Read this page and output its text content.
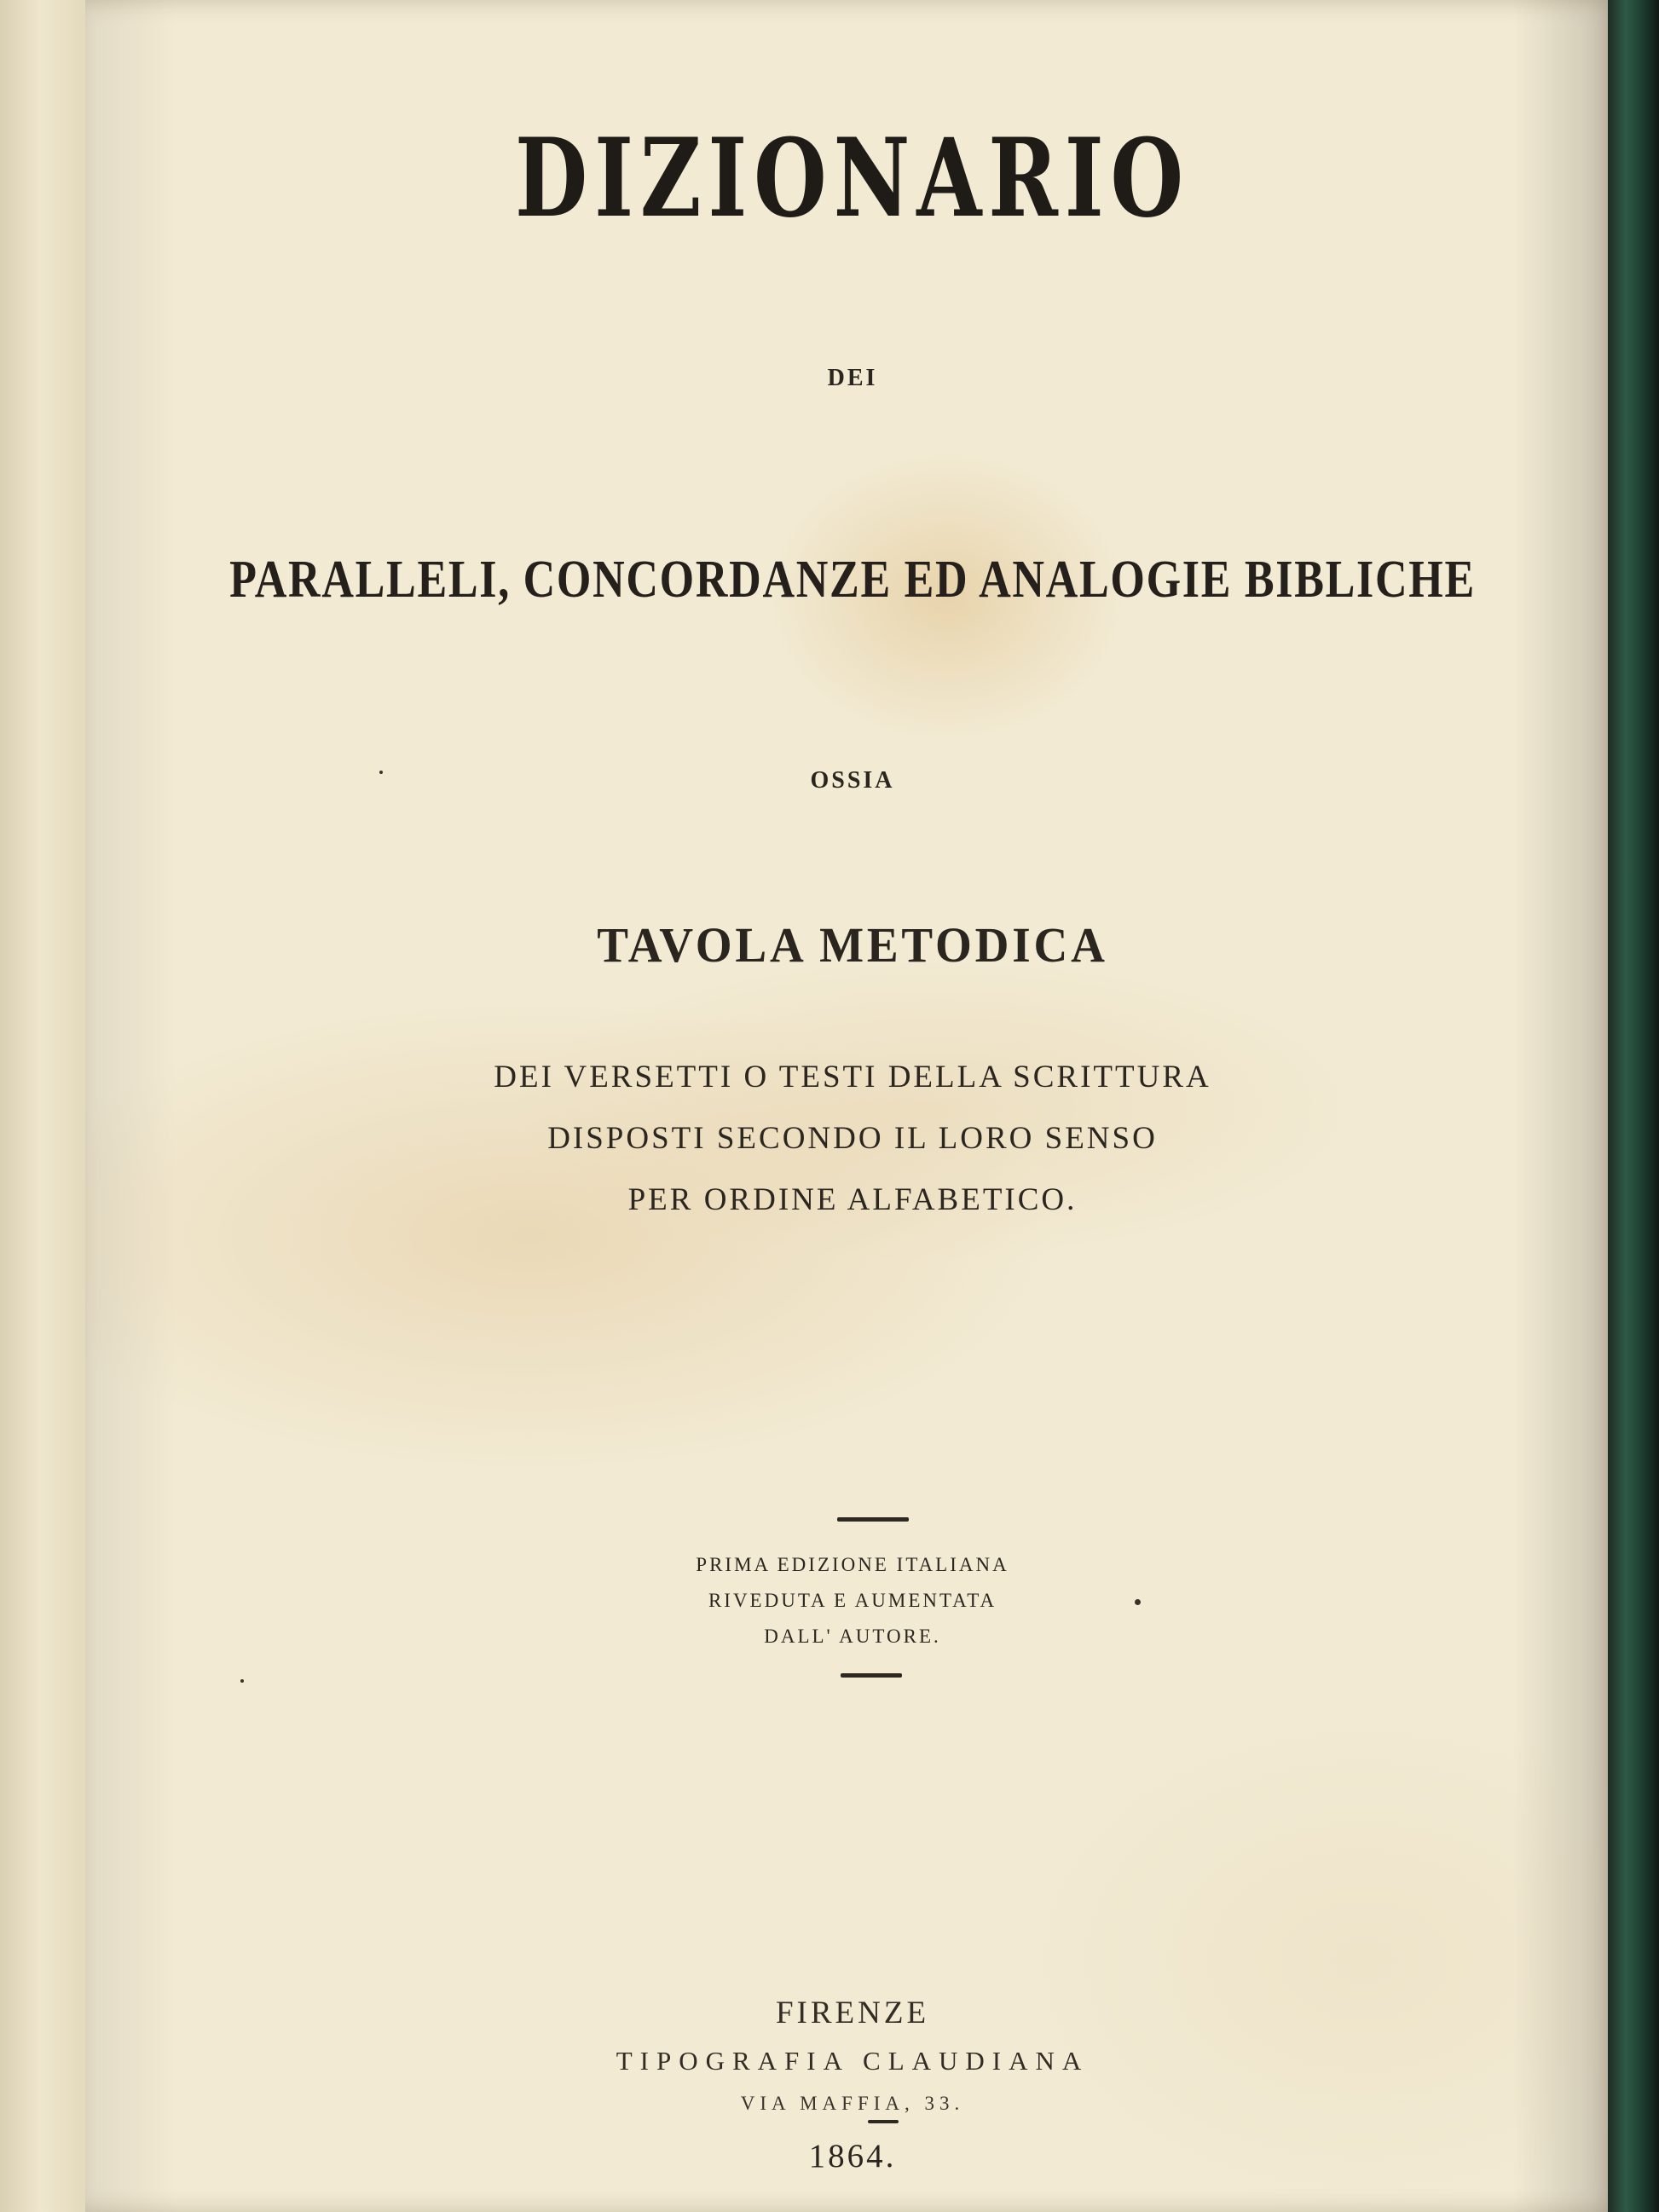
DIZIONARIO
DEI
PARALLELI, CONCORDANZE ED ANALOGIE BIBLICHE
OSSIA
TAVOLA METODICA
DEI VERSETTI O TESTI DELLA SCRITTURA
DISPOSTI SECONDO IL LORO SENSO
PER ORDINE ALFABETICO.
PRIMA EDIZIONE ITALIANA
RIVEDUTA E AUMENTATA
DALL' AUTORE.
FIRENZE
TIPOGRAFIA CLAUDIANA
VIA MAFFIA, 33.
1864.
